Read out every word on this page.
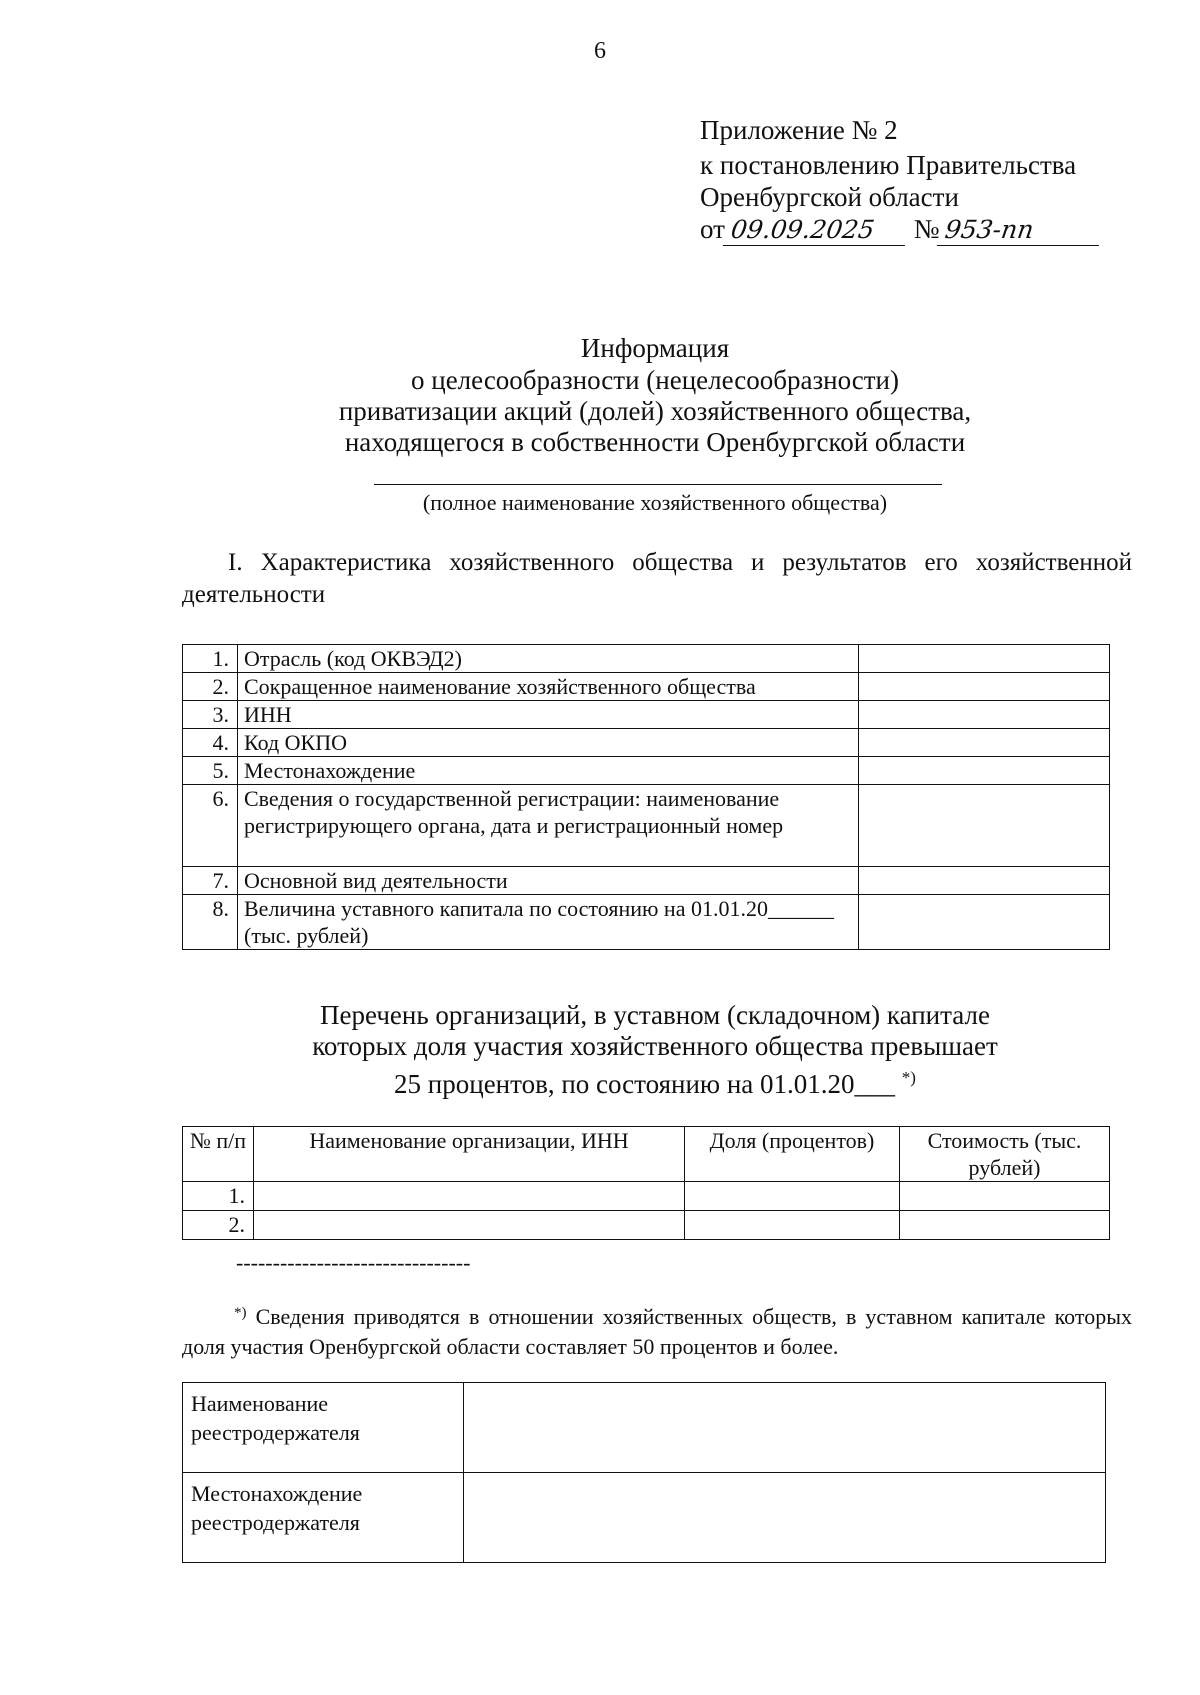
6
Приложение № 2
к постановлению Правительства
Оренбургской области
от 09.09.2025 № 953-пп
Информация
о целесообразности (нецелесообразности)
приватизации акций (долей) хозяйственного общества,
находящегося в собственности Оренбургской области
(полное наименование хозяйственного общества)
I. Характеристика хозяйственного общества и результатов его хозяйственной деятельности
1.	Отрасль (код ОКВЭД2)	
2.	Сокращенное наименование хозяйственного общества	
3.	ИНН	
4.	Код ОКПО	
5.	Местонахождение	
6.	Сведения о государственной регистрации: наименование регистрирующего органа, дата и регистрационный номер	
7.	Основной вид деятельности	
8.	Величина уставного капитала по состоянию на 01.01.20______ (тыс. рублей)	
Перечень организаций, в уставном (складочном) капитале
которых доля участия хозяйственного общества превышает
25 процентов, по состоянию на 01.01.20___ *)
№ п/п	Наименование организации, ИНН	Доля (процентов)	Стоимость (тыс. рублей)
1.			
2.			
--------------------------------
*) Сведения приводятся в отношении хозяйственных обществ, в уставном капитале которых доля участия Оренбургской области составляет 50 процентов и более.
Наименование реестродержателя	
Местонахождение реестродержателя	
